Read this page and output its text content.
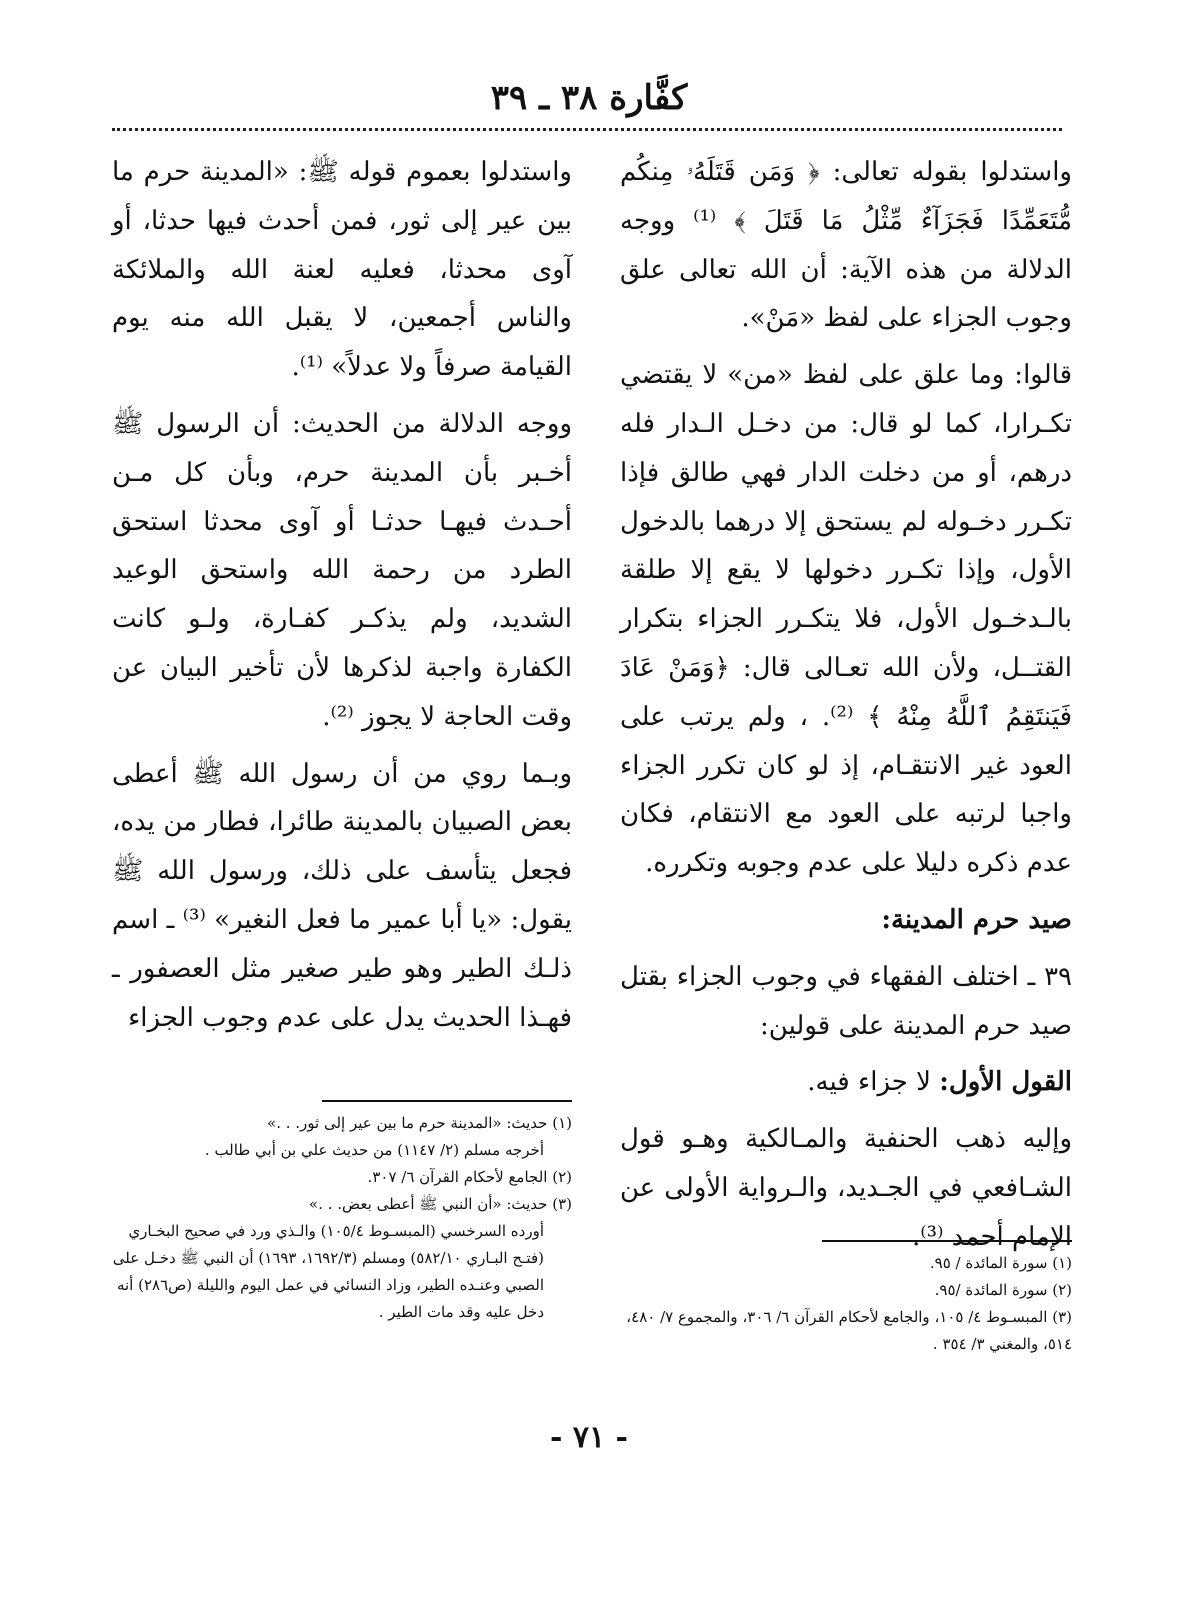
كفَّارة ٣٨ ـ ٣٩

واستدلوا بقوله تعالى: ﴿ وَمَن قَتَلَهُۥ مِنكُم مُّتَعَمِّدًا فَجَزَآءٌ مِّثْلُ مَا قَتَلَ ﴾ ⁽¹⁾ ووجه الدلالة من هذه الآية: أن الله تعالى علق وجوب الجزاء على لفظ «مَنْ».

قالوا: وما علق على لفظ «من» لا يقتضي تكـرارا، كما لو قال: من دخـل الـدار فله درهم، أو من دخلت الدار فهي طالق فإذا تكـرر دخـوله لم يستحق إلا درهما بالدخول الأول، وإذا تكـرر دخولها لا يقع إلا طلقة بالـدخـول الأول، فلا يتكـرر الجزاء بتكرار القتــل، ولأن الله تعـالى قال: ﴿وَمَنْ عَادَ فَيَنتَقِمُ ٱللَّهُ مِنْهُ ﴾ ⁽²⁾. ، ولم يرتب على العود غير الانتقـام، إذ لو كان تكرر الجزاء واجبا لرتبه على العود مع الانتقام، فكان عدم ذكره دليلا على عدم وجوبه وتكرره.

صيد حرم المدينة:

٣٩ ـ اختلف الفقهاء في وجوب الجزاء بقتل صيد حرم المدينة على قولين:

القول الأول: لا جزاء فيه.

وإليه ذهب الحنفية والمـالكية وهـو قول الشـافعي في الجـديد، والـرواية الأولى عن الإمام أحمد ⁽³⁾.

واستدلوا بعموم قوله ﷺ: «المدينة حرم ما بين عير إلى ثور، فمن أحدث فيها حدثا، أو آوى محدثا، فعليه لعنة الله والملائكة والناس أجمعين، لا يقبل الله منه يوم القيامة صرفاً ولا عدلاً» ⁽¹⁾.

ووجه الدلالة من الحديث: أن الرسول ﷺ أخـبر بأن المدينة حرم، وبأن كل مـن أحـدث فيهـا حدثـا أو آوى محدثا استحق الطرد من رحمة الله واستحق الوعيد الشديد، ولم يذكـر كفـارة، ولـو كانت الكفارة واجبة لذكرها لأن تأخير البيان عن وقت الحاجة لا يجوز ⁽²⁾.

وبـما روي من أن رسول الله ﷺ أعطى بعض الصبيان بالمدينة طائرا، فطار من يده، فجعل يتأسف على ذلك، ورسول الله ﷺ يقول: «يا أبا عمير ما فعل النغير» ⁽³⁾ ـ اسم ذلـك الطير وهو طير صغير مثل العصفور ـ فهـذا الحديث يدل على عدم وجوب الجزاء

(١) سورة المائدة / ٩٥.

(٢) سورة المائدة /٩٥.

(٣) المبسـوط ٤/ ١٠٥، والجامع لأحكام القرآن ٦/ ٣٠٦، والمجموع ٧/ ٤٨٠، ٥١٤، والمغني ٣/ ٣٥٤ .

(١) حديث: «المدينة حرم ما بين عير إلى ثور. . .»

أخرجه مسلم (٢/ ١١٤٧) من حديث علي بن أبي طالب .

(٢) الجامع لأحكام القرآن ٦/ ٣٠٧.

(٣) حديث: «أن النبي ﷺ أعطى بعض. . .»

أورده السرخسي (المبسـوط ١٠٥/٤) والـذي ورد في صحيح البخـاري (فتـح البـاري ٥٨٢/١٠) ومسلم (١٦٩٢/٣، ١٦٩٣) أن النبي ﷺ دخـل على الصبي وعنـده الطير، وزاد النسائي في عمل اليوم والليلة (ص٢٨٦) أنه دخل عليه وقد مات الطير .

- ٧١ -
